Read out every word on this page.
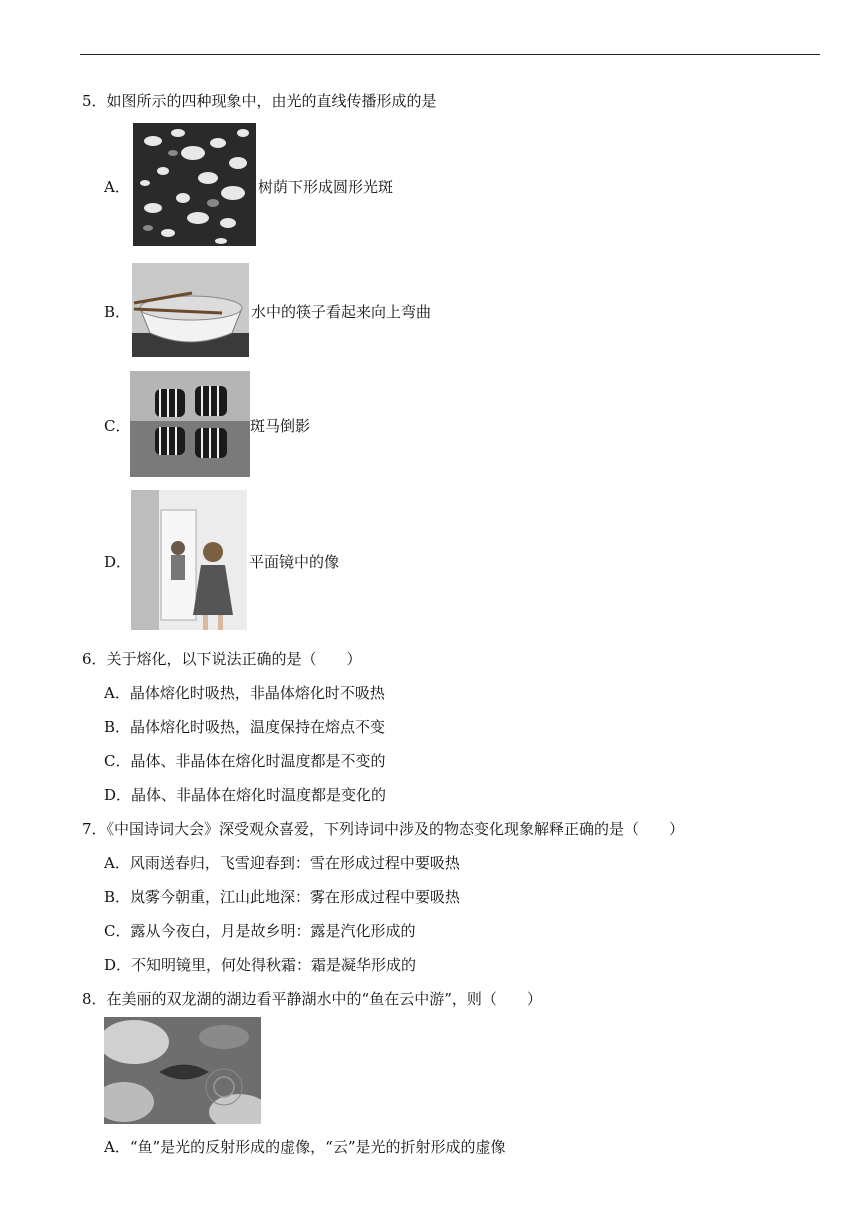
5．如图所示的四种现象中，由光的直线传播形成的是
A．	树荫下形成圆形光斑
B．	水中的筷子看起来向上弯曲
C．	斑马倒影
D．	平面镜中的像
6．关于熔化，以下说法正确的是（　　）
A．晶体熔化时吸热，非晶体熔化时不吸热
B．晶体熔化时吸热，温度保持在熔点不变
C．晶体、非晶体在熔化时温度都是不变的
D．晶体、非晶体在熔化时温度都是变化的
7．《中国诗词大会》深受观众喜爱，下列诗词中涉及的物态变化现象解释正确的是（　　）
A．风雨送春归，飞雪迎春到：雪在形成过程中要吸热
B．岚雾今朝重，江山此地深：雾在形成过程中要吸热
C．露从今夜白，月是故乡明：露是汽化形成的
D．不知明镜里，何处得秋霜：霜是凝华形成的
8．在美丽的双龙湖的湖边看平静湖水中的“鱼在云中游”，则（　　）
A．“鱼”是光的反射形成的虚像，“云”是光的折射形成的虚像
